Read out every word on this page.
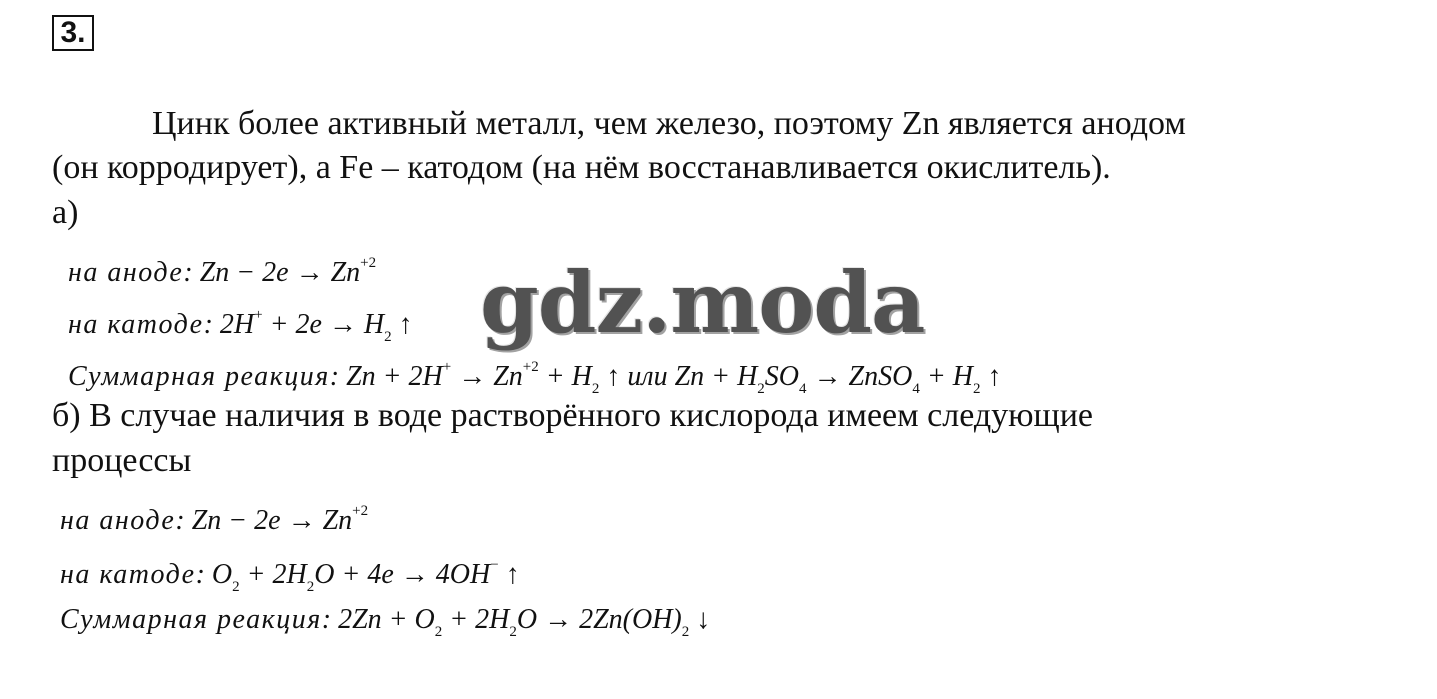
3.
Цинк более активный металл, чем железо, поэтому Zn является анодом
(он корродирует), а Fe – катодом (на нём восстанавливается окислитель).
а)
на аноде: $Zn - 2e \to Zn^{+2}$
на катоде: $2H^+ + 2e \to H_2$ ↑
Суммарная реакция: $Zn + 2H^+ \to Zn^{+2} + H_2$ ↑ или $Zn + H_2SO_4$ → ZnSO$_4$ + $H_2$ ↑
б) В случае наличия в воде растворённого кислорода имеем следующие
процессы
на аноде: $Zn - 2e \to Zn^{+2}$
на катоде: $O_2 + 2H_2O + 4e \to 4OH^-$ ↑
Суммарная реакция: $2Zn + O_2 + 2H_2O \to 2Zn(OH)_2$ ↓
gdz.moda
